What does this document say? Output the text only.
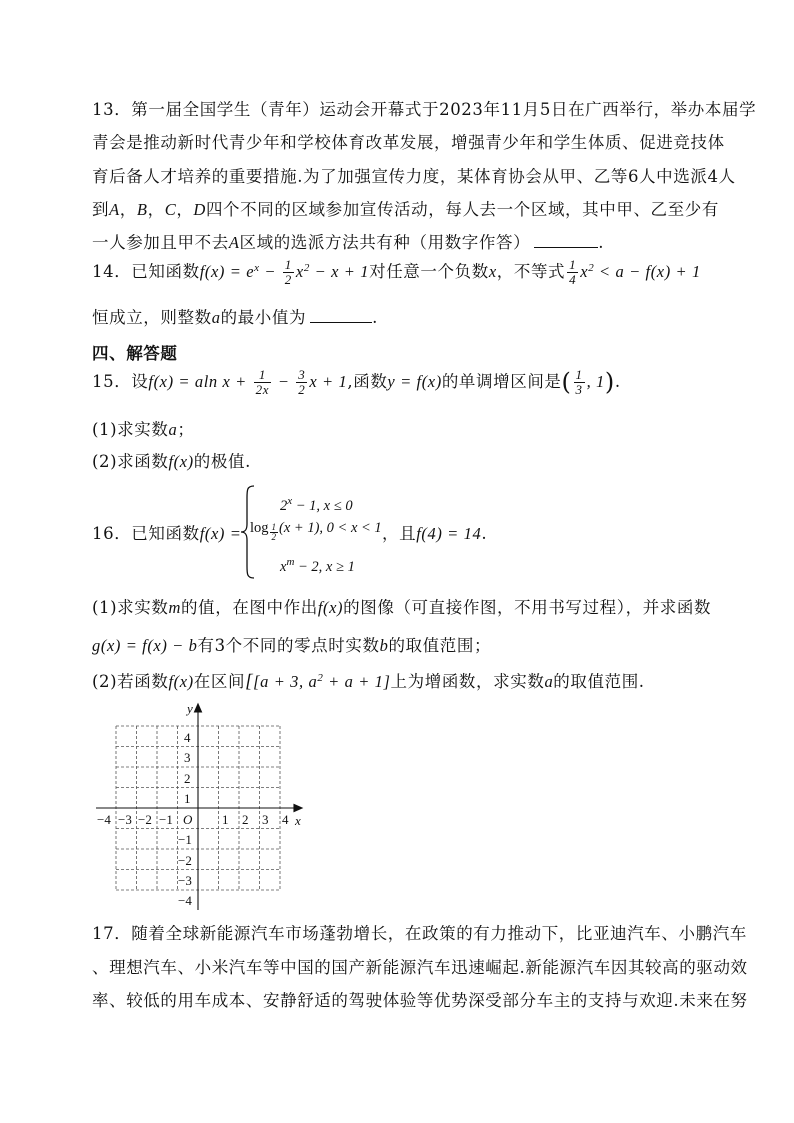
13．第一届全国学生（青年）运动会开幕式于2023年11月5日在广西举行，举办本届学
青会是推动新时代青少年和学校体育改革发展，增强青少年和学生体质、促进竞技体
育后备人才培养的重要措施.为了加强宣传力度，某体育协会从甲、乙等6人中选派4人
到A，B，C，D四个不同的区域参加宣传活动，每人去一个区域，其中甲、乙至少有
一人参加且甲不去A区域的选派方法共有种（用数字作答）	.
14．已知函数$f(x) = e^x - \frac{1}{2} x^2 - x + 1$对任意一个负数x，不等式 $\frac{1}{4} x^2 < a - f(x) + 1$
恒成立，则整数a的最小值为	.
四、解答题
15．设f(x) = aln $x + \frac{1}{2x} - \frac{3}{2}$ x + 1,函数y = f(x)的单调增区间是( $\frac{1}{3}$ , 1).
(1)求实数a；
(2)求函数f(x)的极值.
16．已知函数f(x) =
$2^x - 1$, x ≤ 0
$\log \frac{1}{2} (x + 1)$, 0 < x < 1
$x^m - 2$, x ≥ 1
，且f(4) = 14.
(1)求实数m的值，在图中作出f(x)的图像（可直接作图，不用书写过程），并求函数
g(x) = f(x) − b有3个不同的零点时实数b的取值范围；
(2)若函数f(x)在区间[[a + 3, $a^2 + a + 1$]上为增函数，求实数a的取值范围.
y
x
O
−4 −3 −2 −1	1 2 3 4
4
3
2
1
−1
−2
−3
−4
17．随着全球新能源汽车市场蓬勃增长，在政策的有力推动下，比亚迪汽车、小鹏汽车
、理想汽车、小米汽车等中国的国产新能源汽车迅速崛起.新能源汽车因其较高的驱动效
率、较低的用车成本、安静舒适的驾驶体验等优势深受部分车主的支持与欢迎.未来在努
